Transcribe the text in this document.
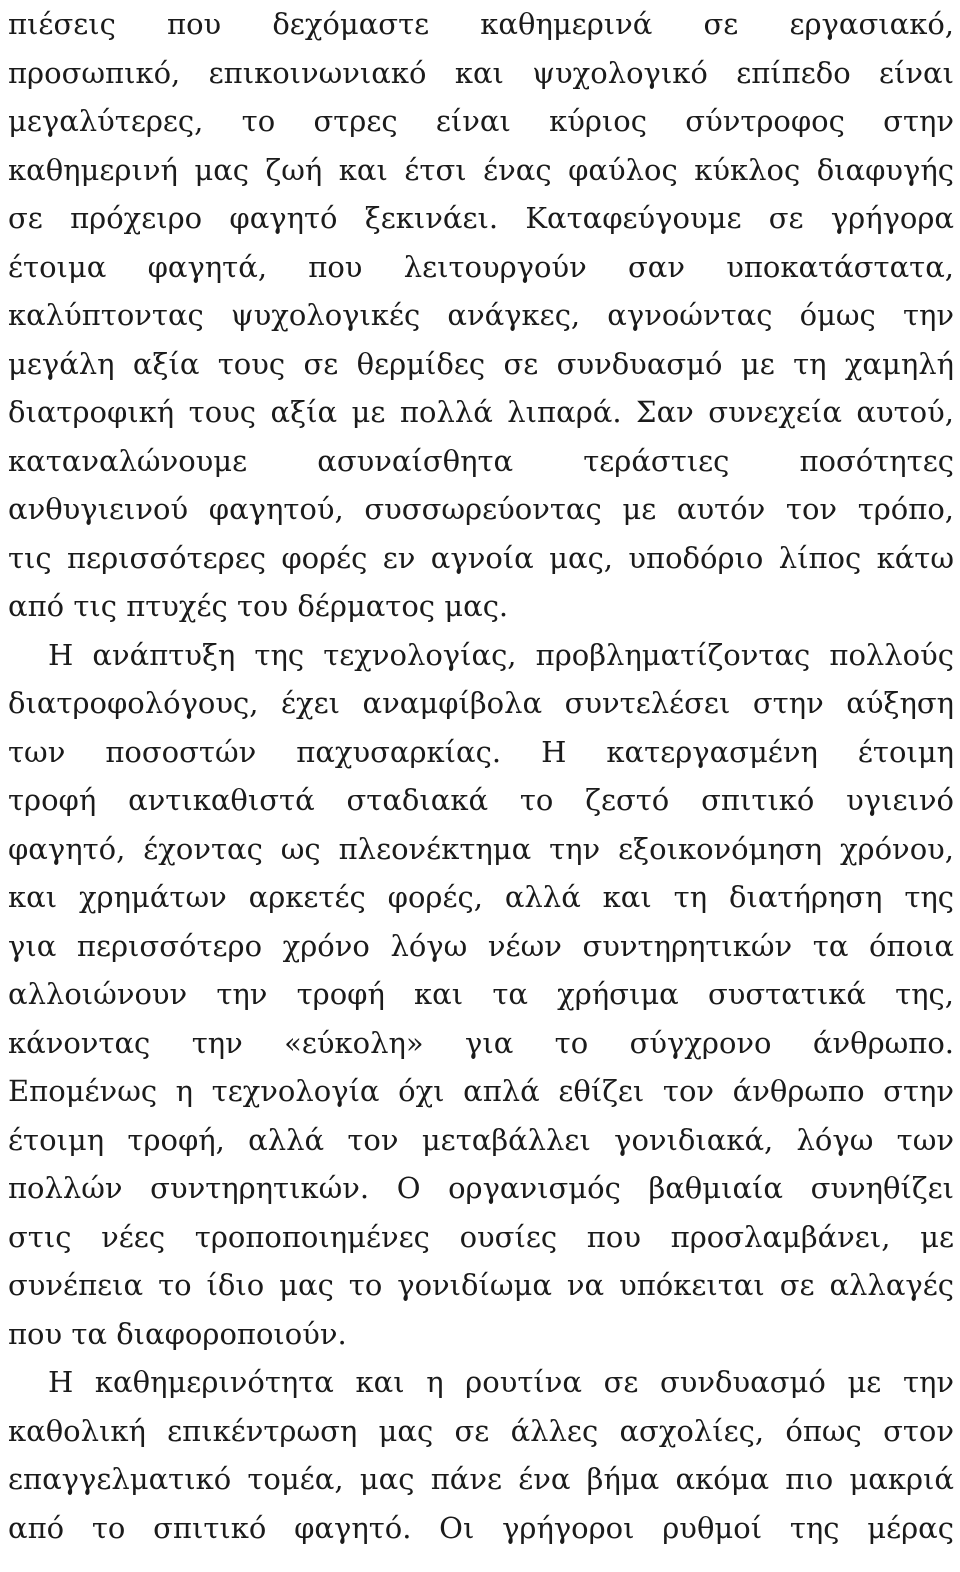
πιέσεις που δεχόμαστε καθημερινά σε εργασιακό,
προσωπικό, επικοινωνιακό και ψυχολογικό επίπεδο είναι
μεγαλύτερες, το στρες είναι κύριος σύντροφος στην
καθημερινή μας ζωή και έτσι ένας φαύλος κύκλος διαφυγής
σε πρόχειρο φαγητό ξεκινάει. Καταφεύγουμε σε γρήγορα
έτοιμα φαγητά, που λειτουργούν σαν υποκατάστατα,
καλύπτοντας ψυχολογικές ανάγκες, αγνοώντας όμως την
μεγάλη αξία τους σε θερμίδες σε συνδυασμό με τη χαμηλή
διατροφική τους αξία με πολλά λιπαρά. Σαν συνεχεία αυτού,
καταναλώνουμε ασυναίσθητα τεράστιες ποσότητες
ανθυγιεινού φαγητού, συσσωρεύοντας με αυτόν τον τρόπο,
τις περισσότερες φορές εν αγνοία μας, υποδόριο λίπος κάτω
από τις πτυχές του δέρματος μας.
Η ανάπτυξη της τεχνολογίας, προβληματίζοντας πολλούς
διατροφολόγους, έχει αναμφίβολα συντελέσει στην αύξηση
των ποσοστών παχυσαρκίας. Η κατεργασμένη έτοιμη
τροφή αντικαθιστά σταδιακά το ζεστό σπιτικό υγιεινό
φαγητό, έχοντας ως πλεονέκτημα την εξοικονόμηση χρόνου,
και χρημάτων αρκετές φορές, αλλά και τη διατήρηση της
για περισσότερο χρόνο λόγω νέων συντηρητικών τα όποια
αλλοιώνουν την τροφή και τα χρήσιμα συστατικά της,
κάνοντας την «εύκολη» για το σύγχρονο άνθρωπο.
Επομένως η τεχνολογία όχι απλά εθίζει τον άνθρωπο στην
έτοιμη τροφή, αλλά τον μεταβάλλει γονιδιακά, λόγω των
πολλών συντηρητικών. Ο οργανισμός βαθμιαία συνηθίζει
στις νέες τροποποιημένες ουσίες που προσλαμβάνει, με
συνέπεια το ίδιο μας το γονιδίωμα να υπόκειται σε αλλαγές
που τα διαφοροποιούν.
Η καθημερινότητα και η ρουτίνα σε συνδυασμό με την
καθολική επικέντρωση μας σε άλλες ασχολίες, όπως στον
επαγγελματικό τομέα, μας πάνε ένα βήμα ακόμα πιο μακριά
από το σπιτικό φαγητό. Οι γρήγοροι ρυθμοί της μέρας
